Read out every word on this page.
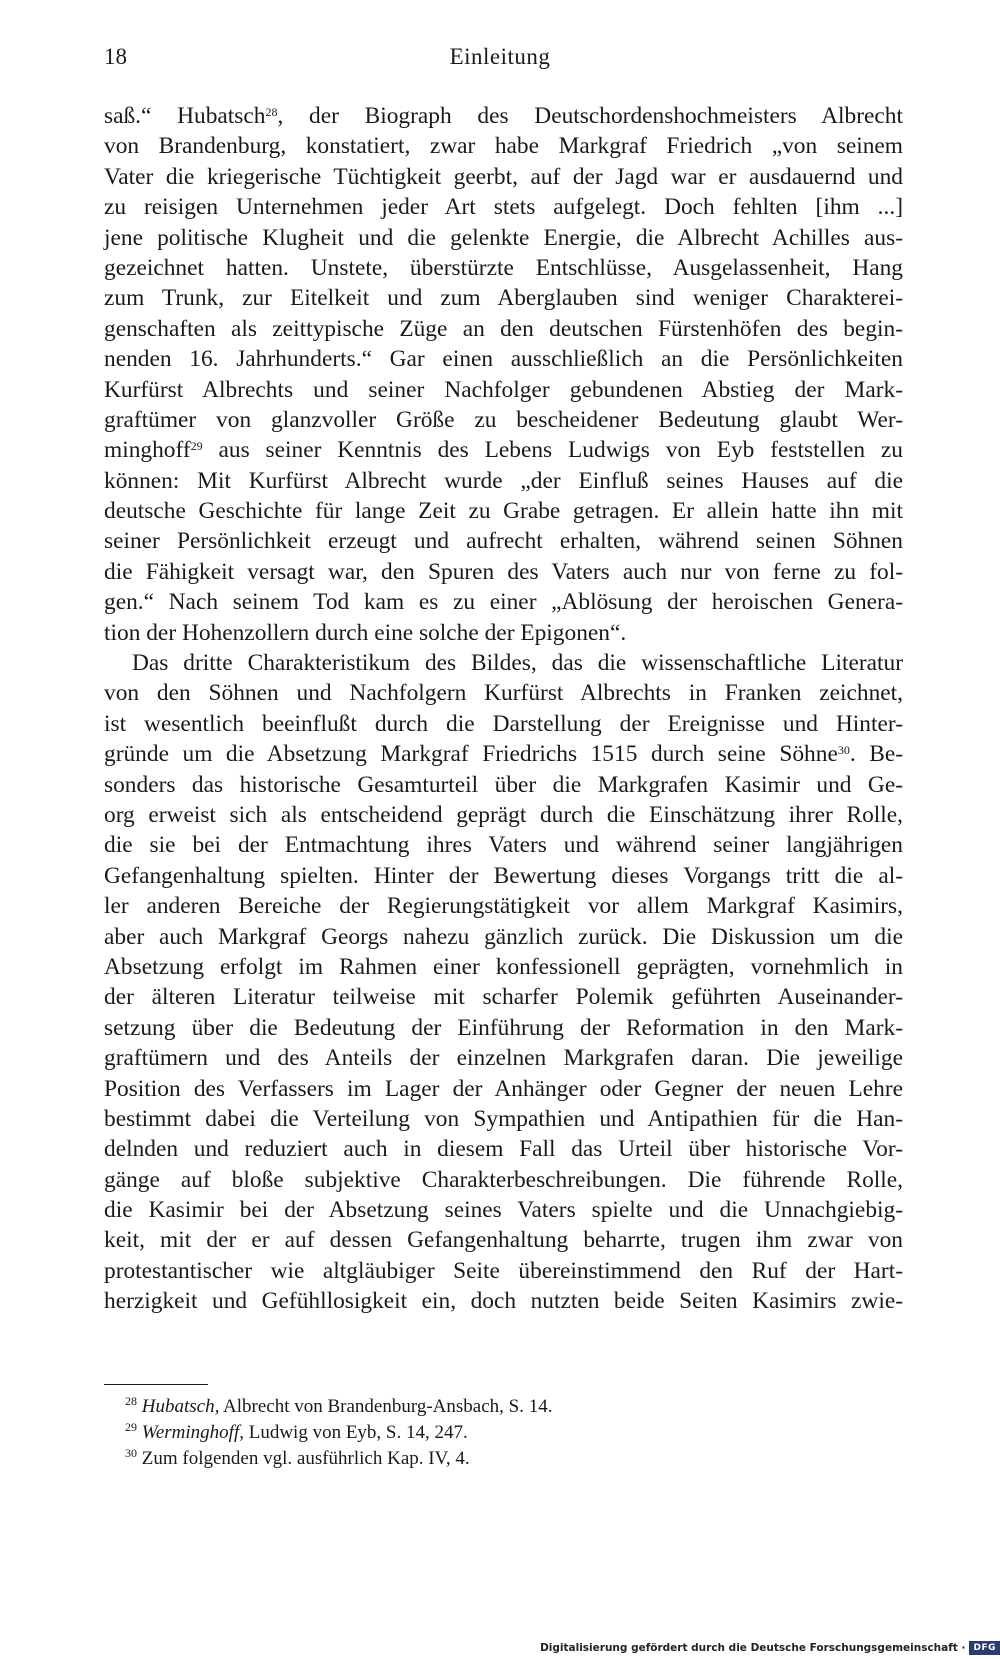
18	Einleitung
saß.“ Hubatsch$^{28}$, der Biograph des Deutschordenshochmeisters Albrecht
von Brandenburg, konstatiert, zwar habe Markgraf Friedrich „von seinem
Vater die kriegerische Tüchtigkeit geerbt, auf der Jagd war er ausdauernd und
zu reisigen Unternehmen jeder Art stets aufgelegt. Doch fehlten [ihm ...]
jene politische Klugheit und die gelenkte Energie, die Albrecht Achilles aus-
gezeichnet hatten. Unstete, überstürzte Entschlüsse, Ausgelassenheit, Hang
zum Trunk, zur Eitelkeit und zum Aberglauben sind weniger Charakterei-
genschaften als zeittypische Züge an den deutschen Fürstenhöfen des begin-
nenden 16. Jahrhunderts.“ Gar einen ausschließlich an die Persönlichkeiten
Kurfürst Albrechts und seiner Nachfolger gebundenen Abstieg der Mark-
graftümer von glanzvoller Größe zu bescheidener Bedeutung glaubt Wer-
minghoff$^{29}$ aus seiner Kenntnis des Lebens Ludwigs von Eyb feststellen zu
können: Mit Kurfürst Albrecht wurde „der Einfluß seines Hauses auf die
deutsche Geschichte für lange Zeit zu Grabe getragen. Er allein hatte ihn mit
seiner Persönlichkeit erzeugt und aufrecht erhalten, während seinen Söhnen
die Fähigkeit versagt war, den Spuren des Vaters auch nur von ferne zu fol-
gen.“ Nach seinem Tod kam es zu einer „Ablösung der heroischen Genera-
tion der Hohenzollern durch eine solche der Epigonen“.
Das dritte Charakteristikum des Bildes, das die wissenschaftliche Literatur
von den Söhnen und Nachfolgern Kurfürst Albrechts in Franken zeichnet,
ist wesentlich beeinflußt durch die Darstellung der Ereignisse und Hinter-
gründe um die Absetzung Markgraf Friedrichs 1515 durch seine Söhne$^{30}$. Be-
sonders das historische Gesamturteil über die Markgrafen Kasimir und Ge-
org erweist sich als entscheidend geprägt durch die Einschätzung ihrer Rolle,
die sie bei der Entmachtung ihres Vaters und während seiner langjährigen
Gefangenhaltung spielten. Hinter der Bewertung dieses Vorgangs tritt die al-
ler anderen Bereiche der Regierungstätigkeit vor allem Markgraf Kasimirs,
aber auch Markgraf Georgs nahezu gänzlich zurück. Die Diskussion um die
Absetzung erfolgt im Rahmen einer konfessionell geprägten, vornehmlich in
der älteren Literatur teilweise mit scharfer Polemik geführten Auseinander-
setzung über die Bedeutung der Einführung der Reformation in den Mark-
graftümern und des Anteils der einzelnen Markgrafen daran. Die jeweilige
Position des Verfassers im Lager der Anhänger oder Gegner der neuen Lehre
bestimmt dabei die Verteilung von Sympathien und Antipathien für die Han-
delnden und reduziert auch in diesem Fall das Urteil über historische Vor-
gänge auf bloße subjektive Charakterbeschreibungen. Die führende Rolle,
die Kasimir bei der Absetzung seines Vaters spielte und die Unnachgiebig-
keit, mit der er auf dessen Gefangenhaltung beharrte, trugen ihm zwar von
protestantischer wie altgläubiger Seite übereinstimmend den Ruf der Hart-
herzigkeit und Gefühllosigkeit ein, doch nutzten beide Seiten Kasimirs zwie-
$^{28}$ Hubatsch, Albrecht von Brandenburg-Ansbach, S. 14.
$^{29}$ Werminghoff, Ludwig von Eyb, S. 14, 247.
$^{30}$ Zum folgenden vgl. ausführlich Kap. IV, 4.
Digitalisierung gefördert durch die Deutsche Forschungsgemeinschaft · DFG
